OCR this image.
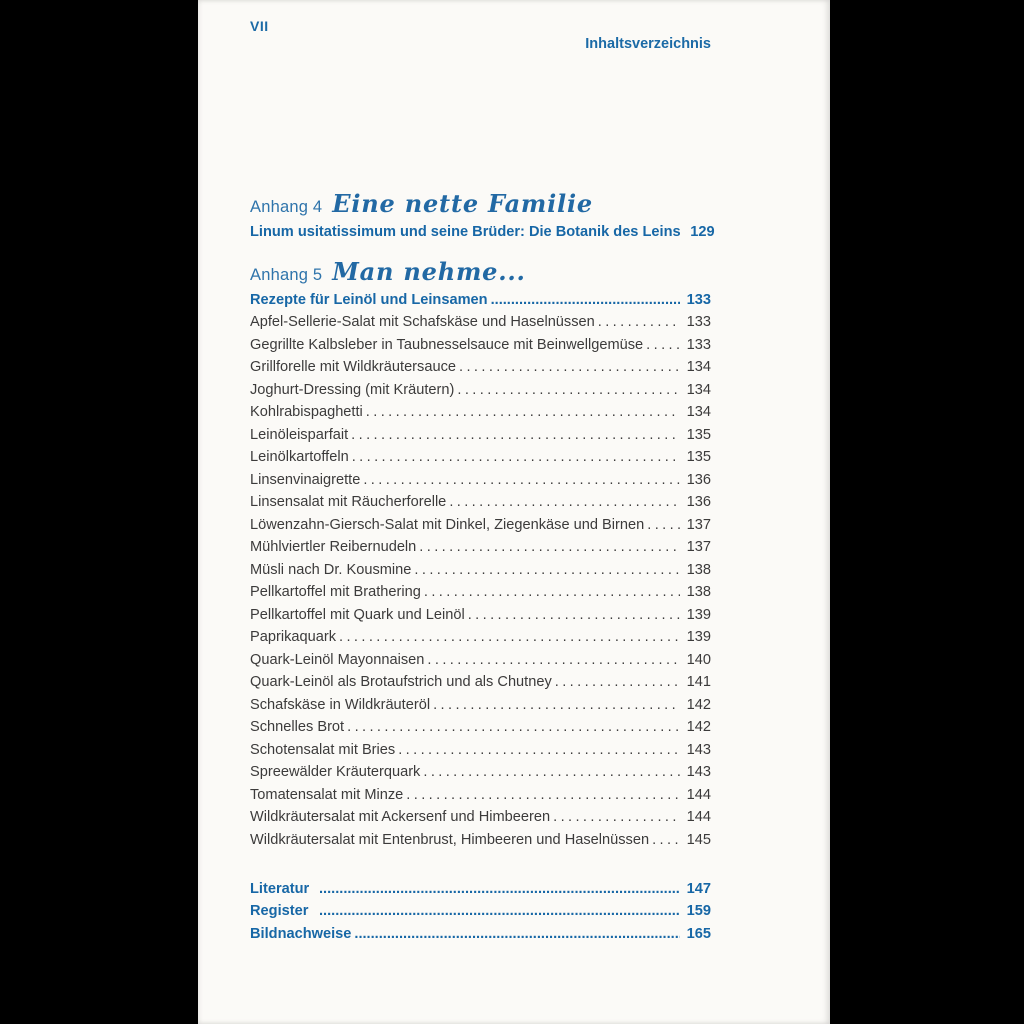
VII
Inhaltsverzeichnis
Anhang 4 Eine nette Familie
Linum usitatissimum und seine Brüder: Die Botanik des Leins ..... 129
Anhang 5 Man nehme...
Rezepte für Leinöl und Leinsamen .....	133
Apfel-Sellerie-Salat mit Schafskäse und Haselnüssen .....	133
Gegrillte Kalbsleber in Taubnesselsauce mit Beinwellgemüse .....	133
Grillforelle mit Wildkräutersauce .....	134
Joghurt-Dressing (mit Kräutern) .....	134
Kohlrabispaghetti .....	134
Leinöleisparfait .....	135
Leinölkartoffeln .....	135
Linsenvinaigrette .....	136
Linsensalat mit Räucherforelle .....	136
Löwenzahn-Giersch-Salat mit Dinkel, Ziegenkäse und Birnen .....	137
Mühlviertler Reibernudeln .....	137
Müsli nach Dr. Kousmine .....	138
Pellkartoffel mit Brathering .....	138
Pellkartoffel mit Quark und Leinöl .....	139
Paprikaquark .....	139
Quark-Leinöl Mayonnaisen .....	140
Quark-Leinöl als Brotaufstrich und als Chutney .....	141
Schafskäse in Wildkräuteröl .....	142
Schnelles Brot .....	142
Schotensalat mit Bries .....	143
Spreewälder Kräuterquark .....	143
Tomatensalat mit Minze .....	144
Wildkräutersalat mit Ackersenf und Himbeeren .....	144
Wildkräutersalat mit Entenbrust, Himbeeren und Haselnüssen .....	145
Literatur .....	147
Register .....	159
Bildnachweise .....	165
